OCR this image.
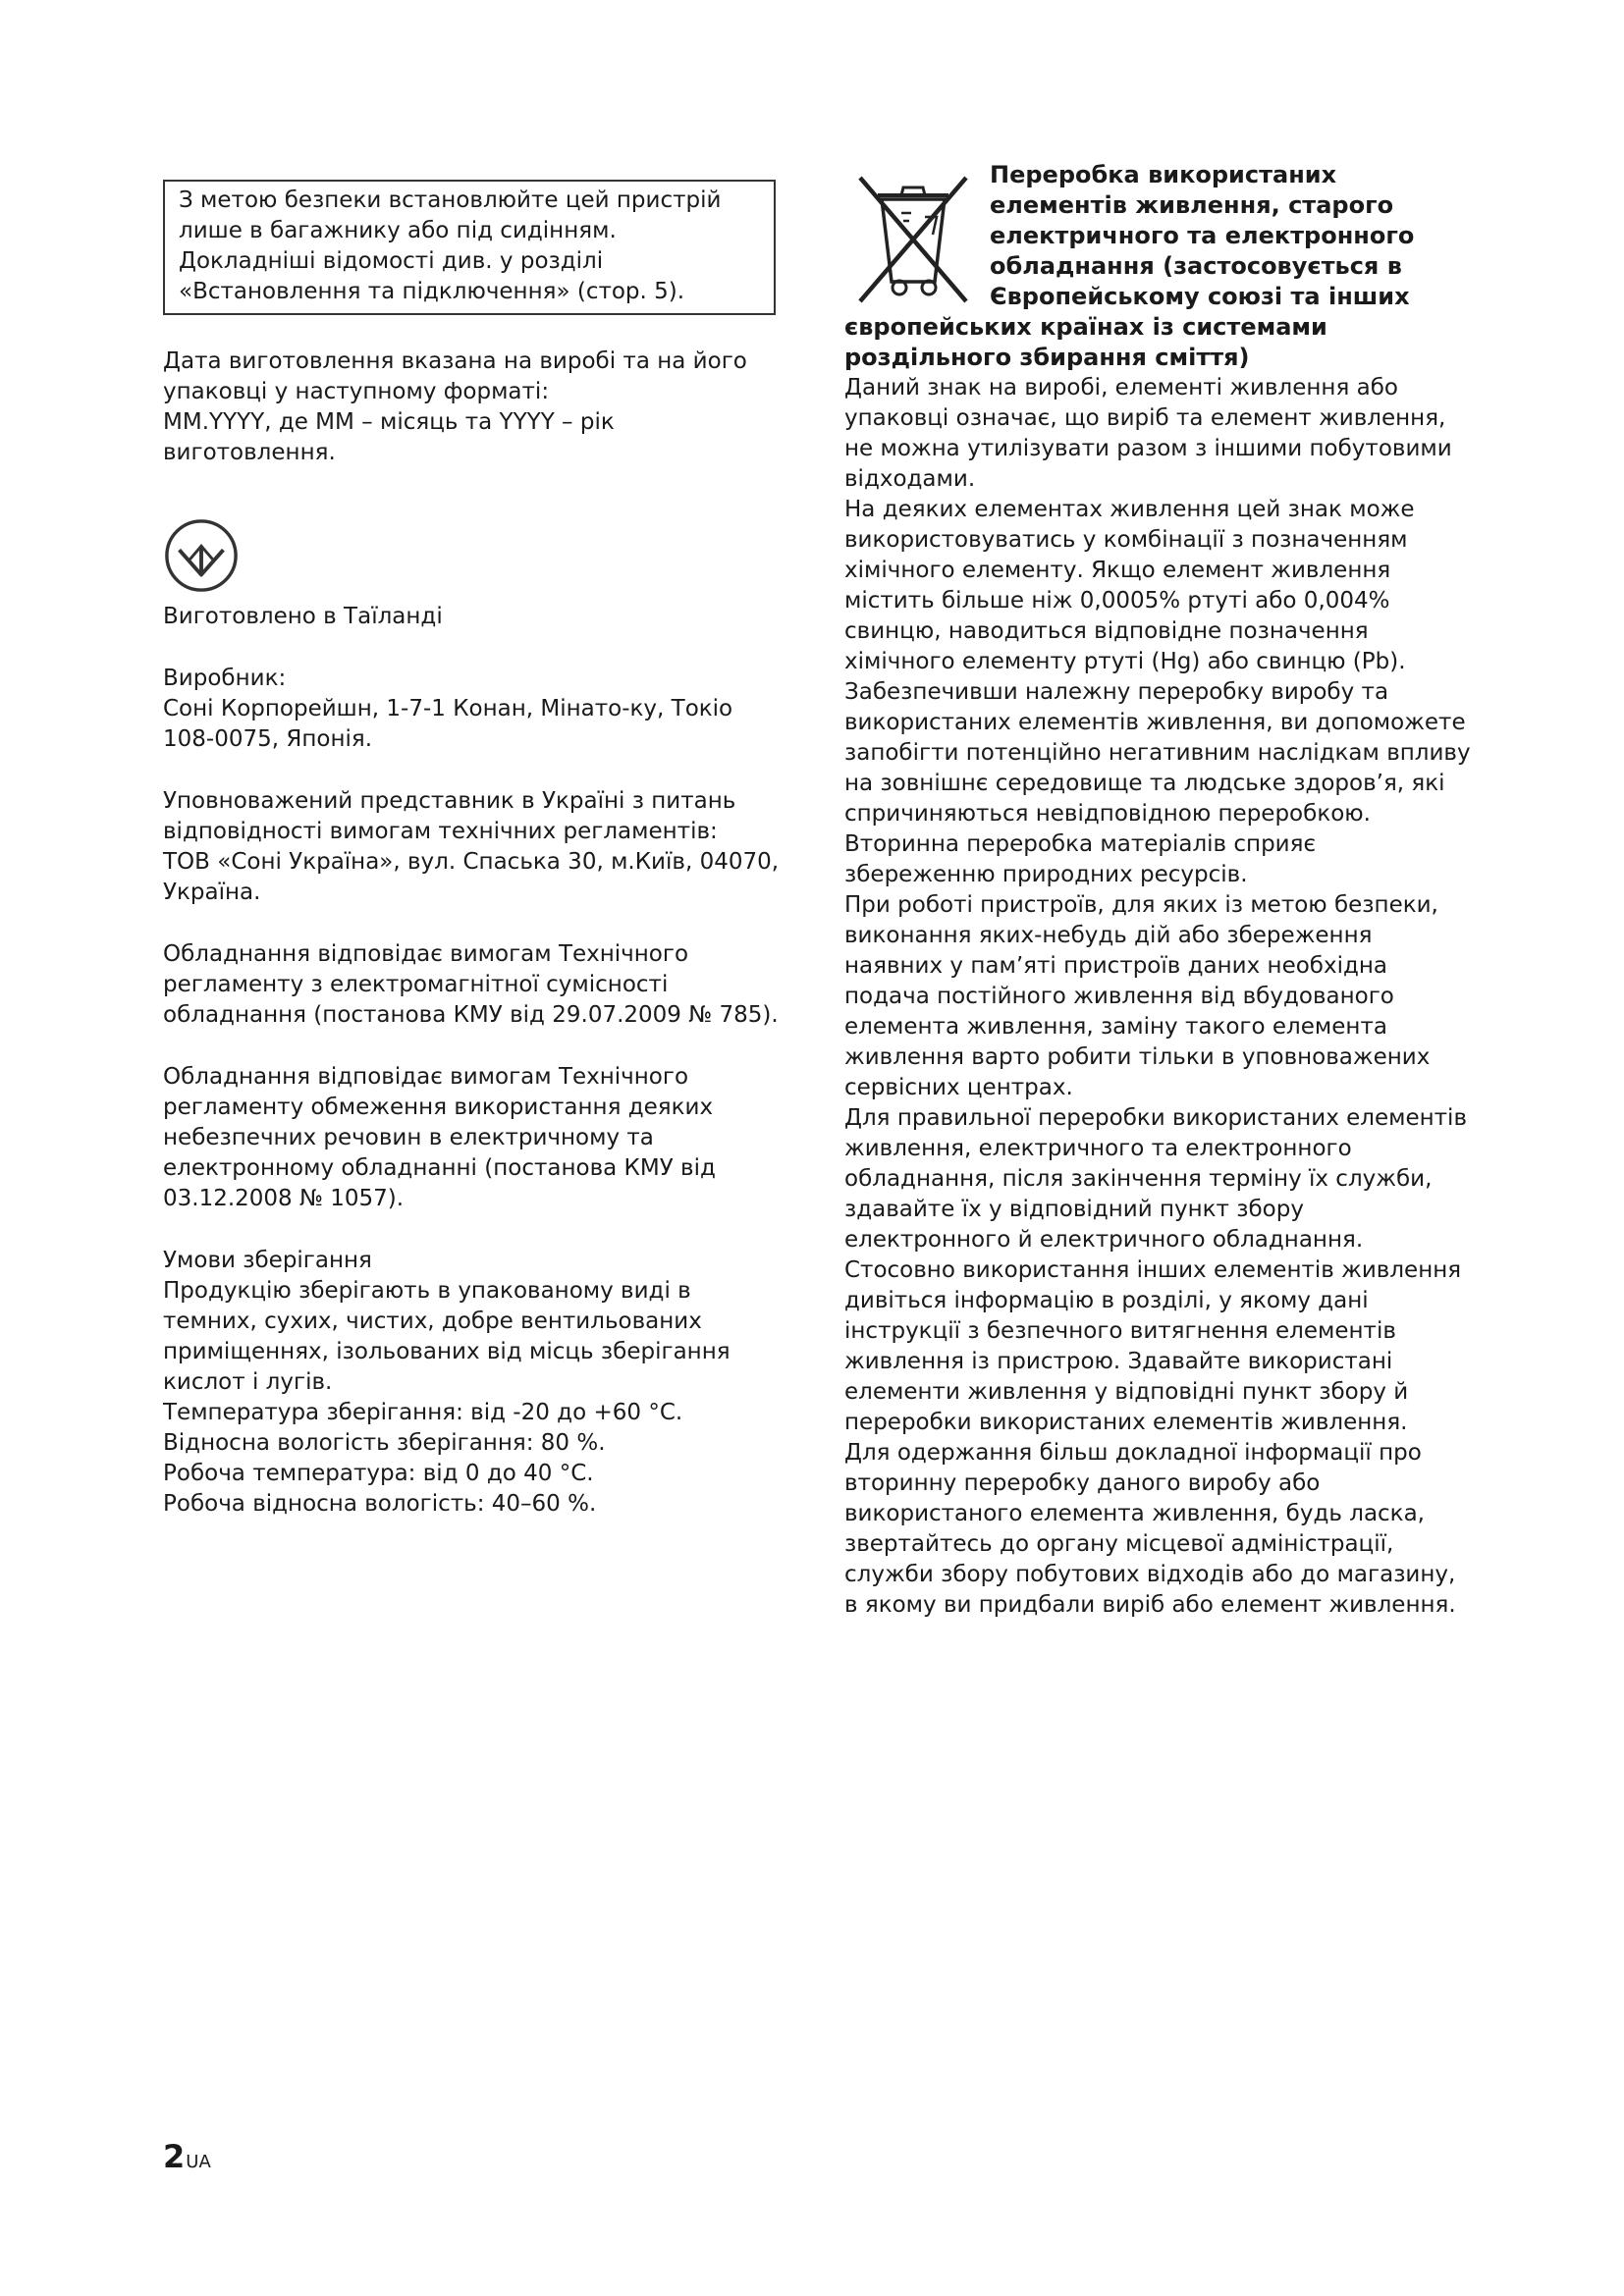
З метою безпеки встановлюйте цей пристрій лише в багажнику або під сидінням. Докладніші відомості див. у розділі «Встановлення та підключення» (стор. 5).

Дата виготовлення вказана на виробі та на його упаковці у наступному форматі:

ММ.YYYY, де ММ – місяць та YYYY – рік виготовлення.

Виготовлено в Таїланді

Виробник:

Соні Корпорейшн, 1-7-1 Конан, Мінато-ку, Токіо 108-0075, Японія.

Уповноважений представник в Україні з питань відповідності вимогам технічних регламентів:

ТОВ «Соні Україна», вул. Спаська 30, м.Київ, 04070, Україна.

Обладнання відповідає вимогам Технічного регламенту з електромагнітної сумісності обладнання (постанова КМУ від 29.07.2009 № 785).

Обладнання відповідає вимогам Технічного регламенту обмеження використання деяких небезпечних речовин в електричному та електронному обладнанні (постанова КМУ від 03.12.2008 № 1057).

Умови зберігання

Продукцію зберігають в упакованому виді в темних, сухих, чистих, добре вентильованих приміщеннях, ізольованих від місць зберігання кислот і лугів.

Температура зберігання: від -20 до +60 °C.

Відносна вологість зберігання: 80 %.

Робоча температура: від 0 до 40 °C.

Робоча відносна вологість: 40–60 %.

Переробка використаних

елементів живлення, старого

електричного та електронного

обладнання (застосовується в

Європейському союзі та інших

європейських країнах із системами

роздільного збирання сміття)

Даний знак на виробі, елементі живлення або упаковці означає, що виріб та елемент живлення, не можна утилізувати разом з іншими побутовими відходами.

На деяких елементах живлення цей знак може використовуватись у комбінації з позначенням хімічного елементу. Якщо елемент живлення містить більше ніж 0,0005% ртуті або 0,004% свинцю, наводиться відповідне позначення хімічного елементу ртуті (Hg) або свинцю (Pb).

Забезпечивши належну переробку виробу та використаних елементів живлення, ви допоможете запобігти потенційно негативним наслідкам впливу на зовнішнє середовище та людське здоров’я, які спричиняються невідповідною переробкою. Вторинна переробка матеріалів сприяє збереженню природних ресурсів.

При роботі пристроїв, для яких із метою безпеки, виконання яких-небудь дій або збереження наявних у пам’яті пристроїв даних необхідна подача постійного живлення від вбудованого елемента живлення, заміну такого елемента живлення варто робити тільки в уповноважених сервісних центрах.

Для правильної переробки використаних елементів живлення, електричного та електронного обладнання, після закінчення терміну їх служби, здавайте їх у відповідний пункт збору електронного й електричного обладнання.

Стосовно використання інших елементів живлення дивіться інформацію в розділі, у якому дані інструкції з безпечного витягнення елементів живлення із пристрою. Здавайте використані елементи живлення у відповідні пункт збору й переробки використаних елементів живлення.

Для одержання більш докладної інформації про вторинну переробку даного виробу або використаного елемента живлення, будь ласка, звертайтесь до органу місцевої адміністрації, служби збору побутових відходів або до магазину, в якому ви придбали виріб або елемент живлення.

2UA
